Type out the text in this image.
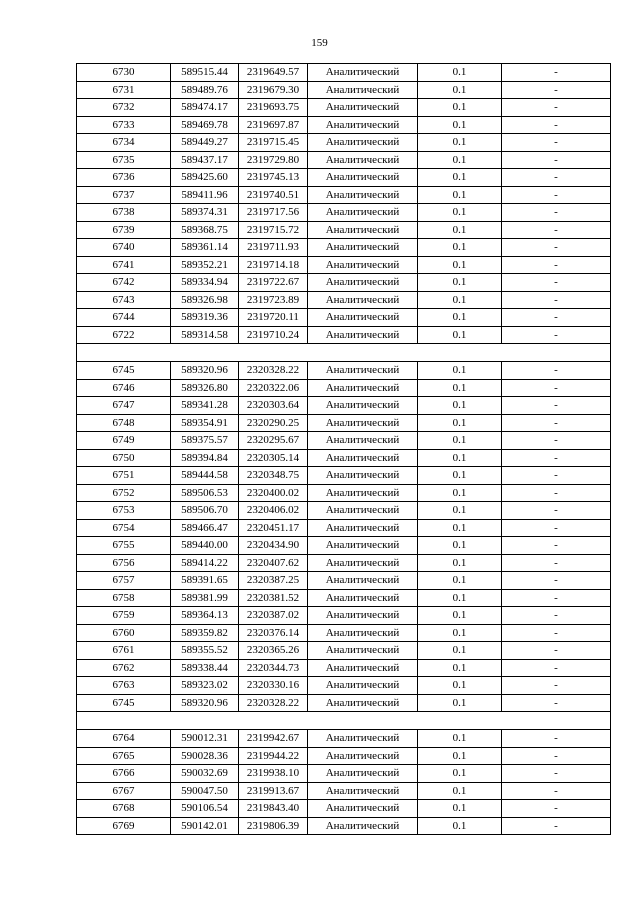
159
6730	589515.44	2319649.57	Аналитический	0.1	-
6731	589489.76	2319679.30	Аналитический	0.1	-
6732	589474.17	2319693.75	Аналитический	0.1	-
6733	589469.78	2319697.87	Аналитический	0.1	-
6734	589449.27	2319715.45	Аналитический	0.1	-
6735	589437.17	2319729.80	Аналитический	0.1	-
6736	589425.60	2319745.13	Аналитический	0.1	-
6737	589411.96	2319740.51	Аналитический	0.1	-
6738	589374.31	2319717.56	Аналитический	0.1	-
6739	589368.75	2319715.72	Аналитический	0.1	-
6740	589361.14	2319711.93	Аналитический	0.1	-
6741	589352.21	2319714.18	Аналитический	0.1	-
6742	589334.94	2319722.67	Аналитический	0.1	-
6743	589326.98	2319723.89	Аналитический	0.1	-
6744	589319.36	2319720.11	Аналитический	0.1	-
6722	589314.58	2319710.24	Аналитический	0.1	-

6745	589320.96	2320328.22	Аналитический	0.1	-
6746	589326.80	2320322.06	Аналитический	0.1	-
6747	589341.28	2320303.64	Аналитический	0.1	-
6748	589354.91	2320290.25	Аналитический	0.1	-
6749	589375.57	2320295.67	Аналитический	0.1	-
6750	589394.84	2320305.14	Аналитический	0.1	-
6751	589444.58	2320348.75	Аналитический	0.1	-
6752	589506.53	2320400.02	Аналитический	0.1	-
6753	589506.70	2320406.02	Аналитический	0.1	-
6754	589466.47	2320451.17	Аналитический	0.1	-
6755	589440.00	2320434.90	Аналитический	0.1	-
6756	589414.22	2320407.62	Аналитический	0.1	-
6757	589391.65	2320387.25	Аналитический	0.1	-
6758	589381.99	2320381.52	Аналитический	0.1	-
6759	589364.13	2320387.02	Аналитический	0.1	-
6760	589359.82	2320376.14	Аналитический	0.1	-
6761	589355.52	2320365.26	Аналитический	0.1	-
6762	589338.44	2320344.73	Аналитический	0.1	-
6763	589323.02	2320330.16	Аналитический	0.1	-
6745	589320.96	2320328.22	Аналитический	0.1	-

6764	590012.31	2319942.67	Аналитический	0.1	-
6765	590028.36	2319944.22	Аналитический	0.1	-
6766	590032.69	2319938.10	Аналитический	0.1	-
6767	590047.50	2319913.67	Аналитический	0.1	-
6768	590106.54	2319843.40	Аналитический	0.1	-
6769	590142.01	2319806.39	Аналитический	0.1	-
